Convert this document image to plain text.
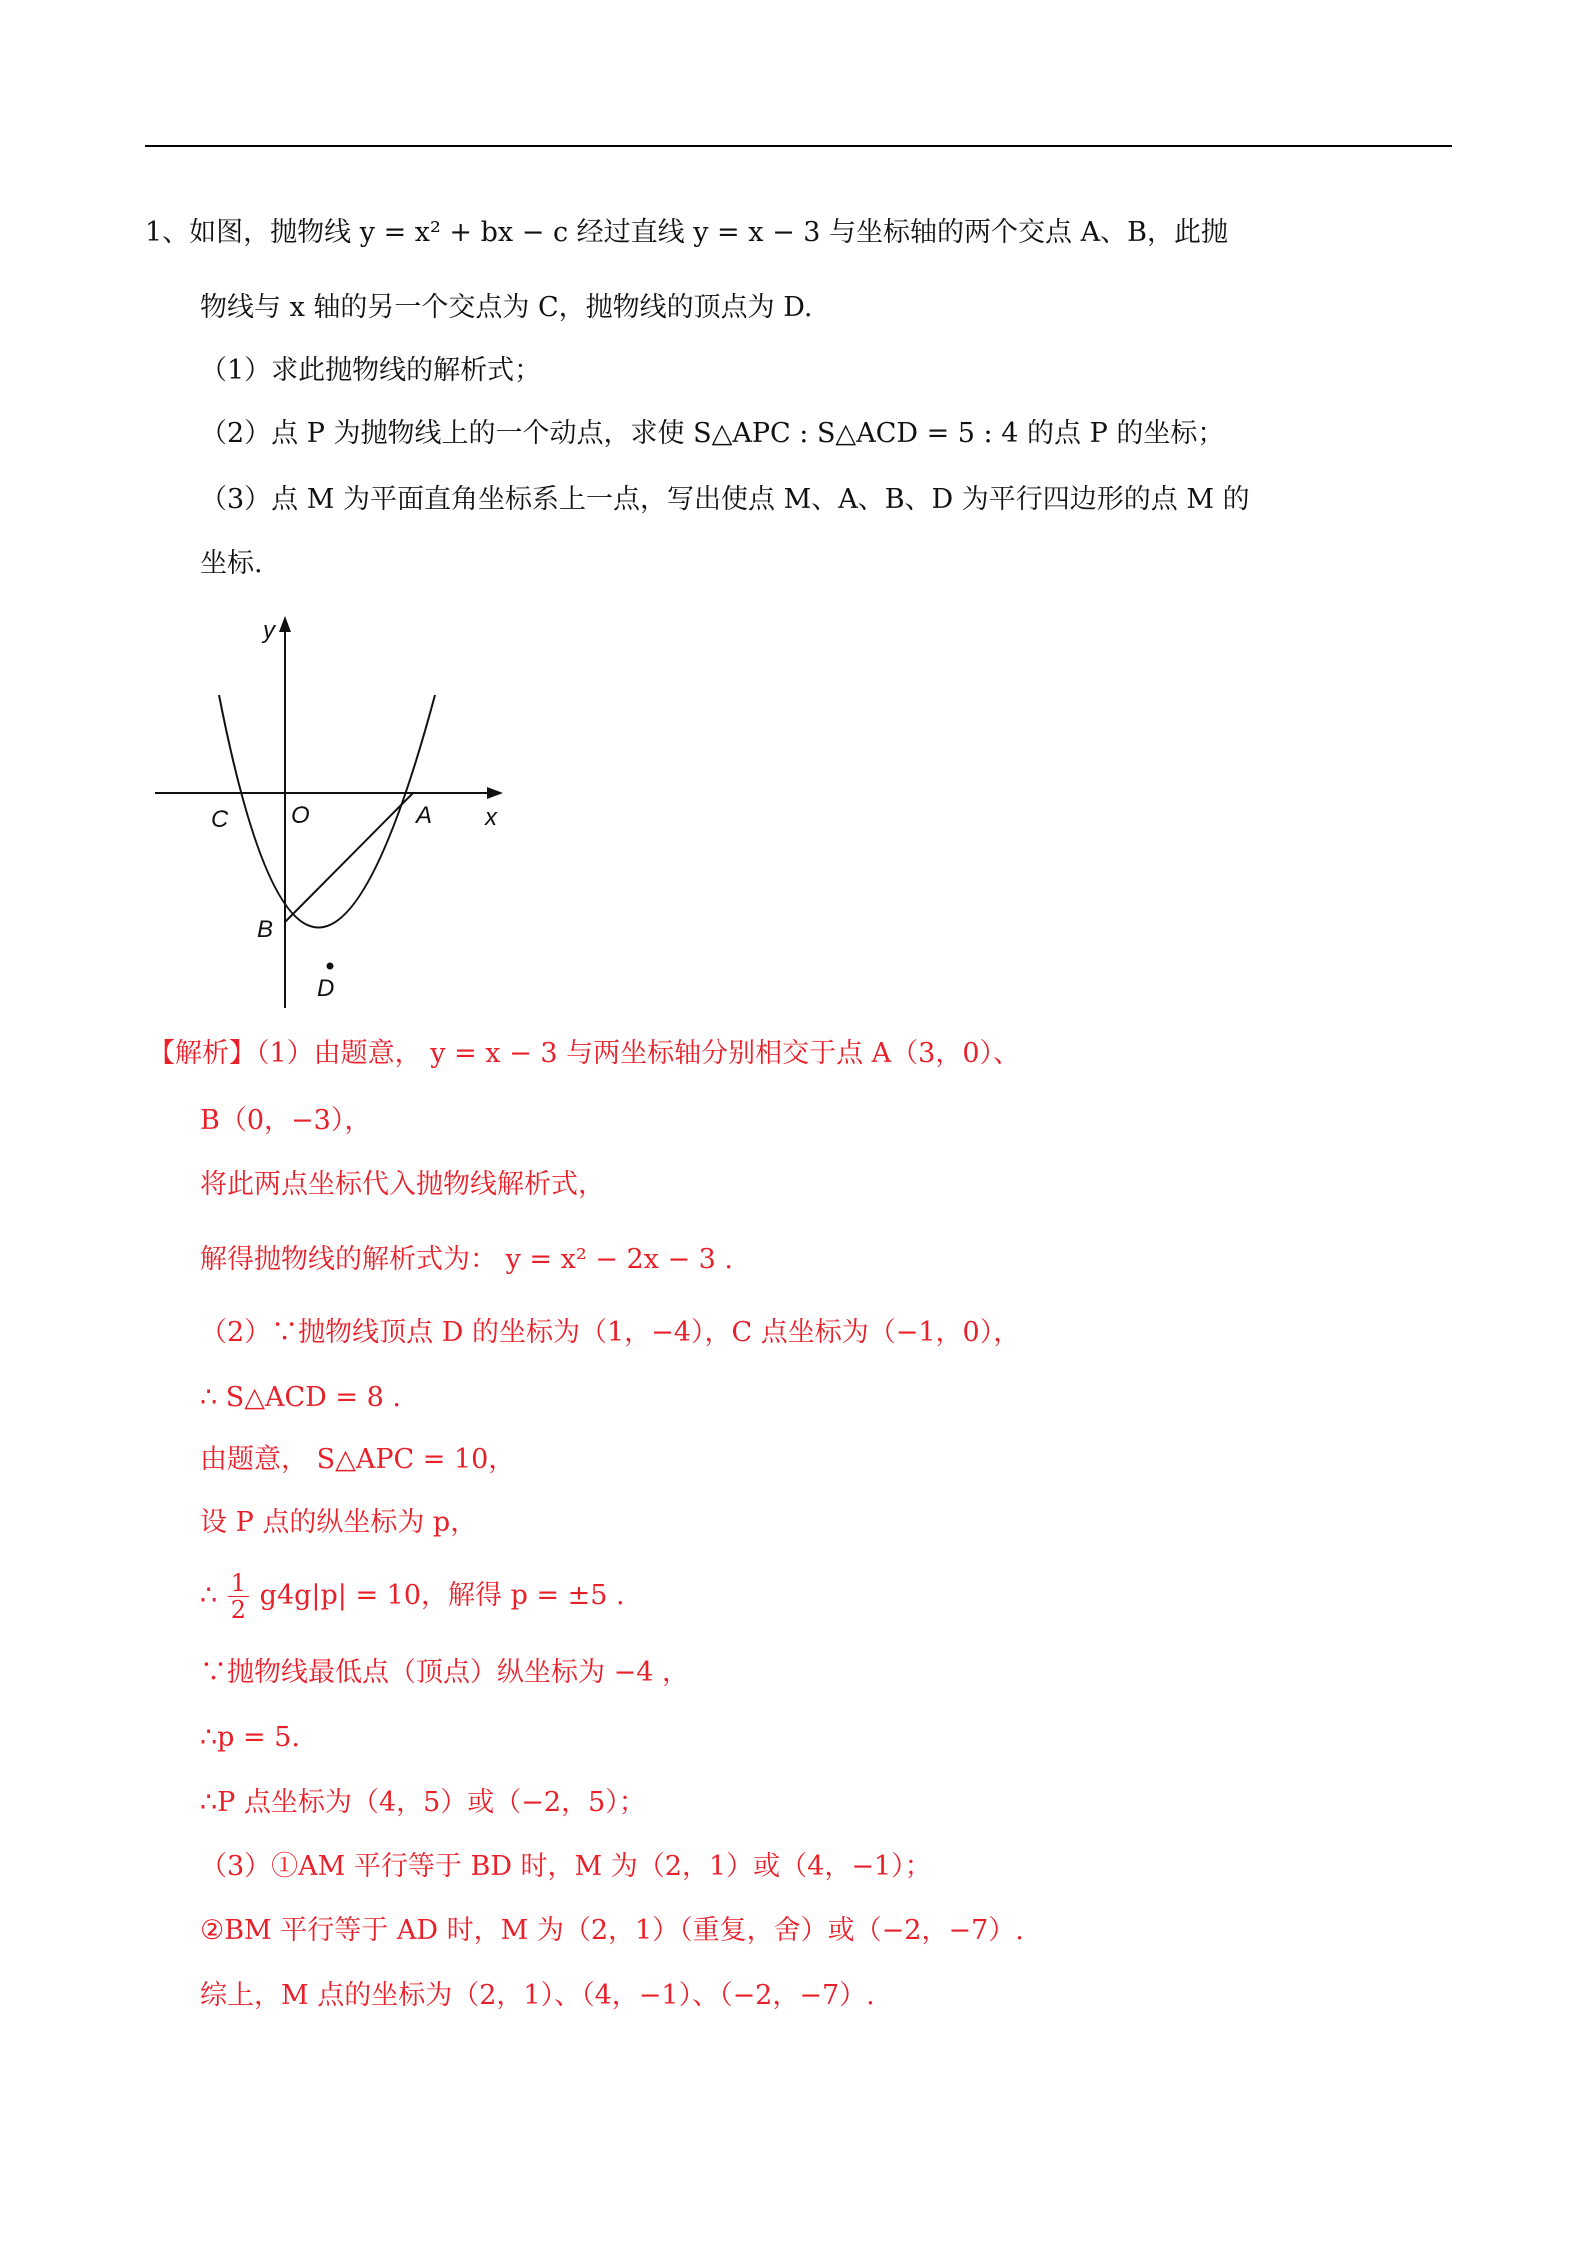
1、如图，抛物线 y = x² + bx − c 经过直线 y = x − 3 与坐标轴的两个交点 A、B，此抛
物线与 x 轴的另一个交点为 C，抛物线的顶点为 D.
（1）求此抛物线的解析式；
（2）点 P 为抛物线上的一个动点，求使 S△APC : S△ACD = 5 : 4 的点 P 的坐标；
（3）点 M 为平面直角坐标系上一点，写出使点 M、A、B、D 为平行四边形的点 M 的
坐标.
y
x
O	A
C
B
D
【解析】（1）由题意， y = x − 3 与两坐标轴分别相交于点 A（3，0）、
B（0，−3），
将此两点坐标代入抛物线解析式，
解得抛物线的解析式为： y = x² − 2x − 3 .
（2）∵抛物线顶点 D 的坐标为（1，−4），C 点坐标为（−1，0），
∴ S△ACD = 8 .
由题意， S△APC = 10，
设 P 点的纵坐标为 p，
∴ $\frac{1}{2} g4g|p| = 10$，解得 p = ±5 .
∵抛物线最低点（顶点）纵坐标为 −4 ，
∴p = 5.
∴P 点坐标为（4，5）或（−2，5）；
（3）①AM 平行等于 BD 时，M 为（2，1）或（4，−1）；
②BM 平行等于 AD 时，M 为（2，1）（重复，舍）或（−2，−7）.
综上，M 点的坐标为（2，1）、（4，−1）、（−2，−7）.
